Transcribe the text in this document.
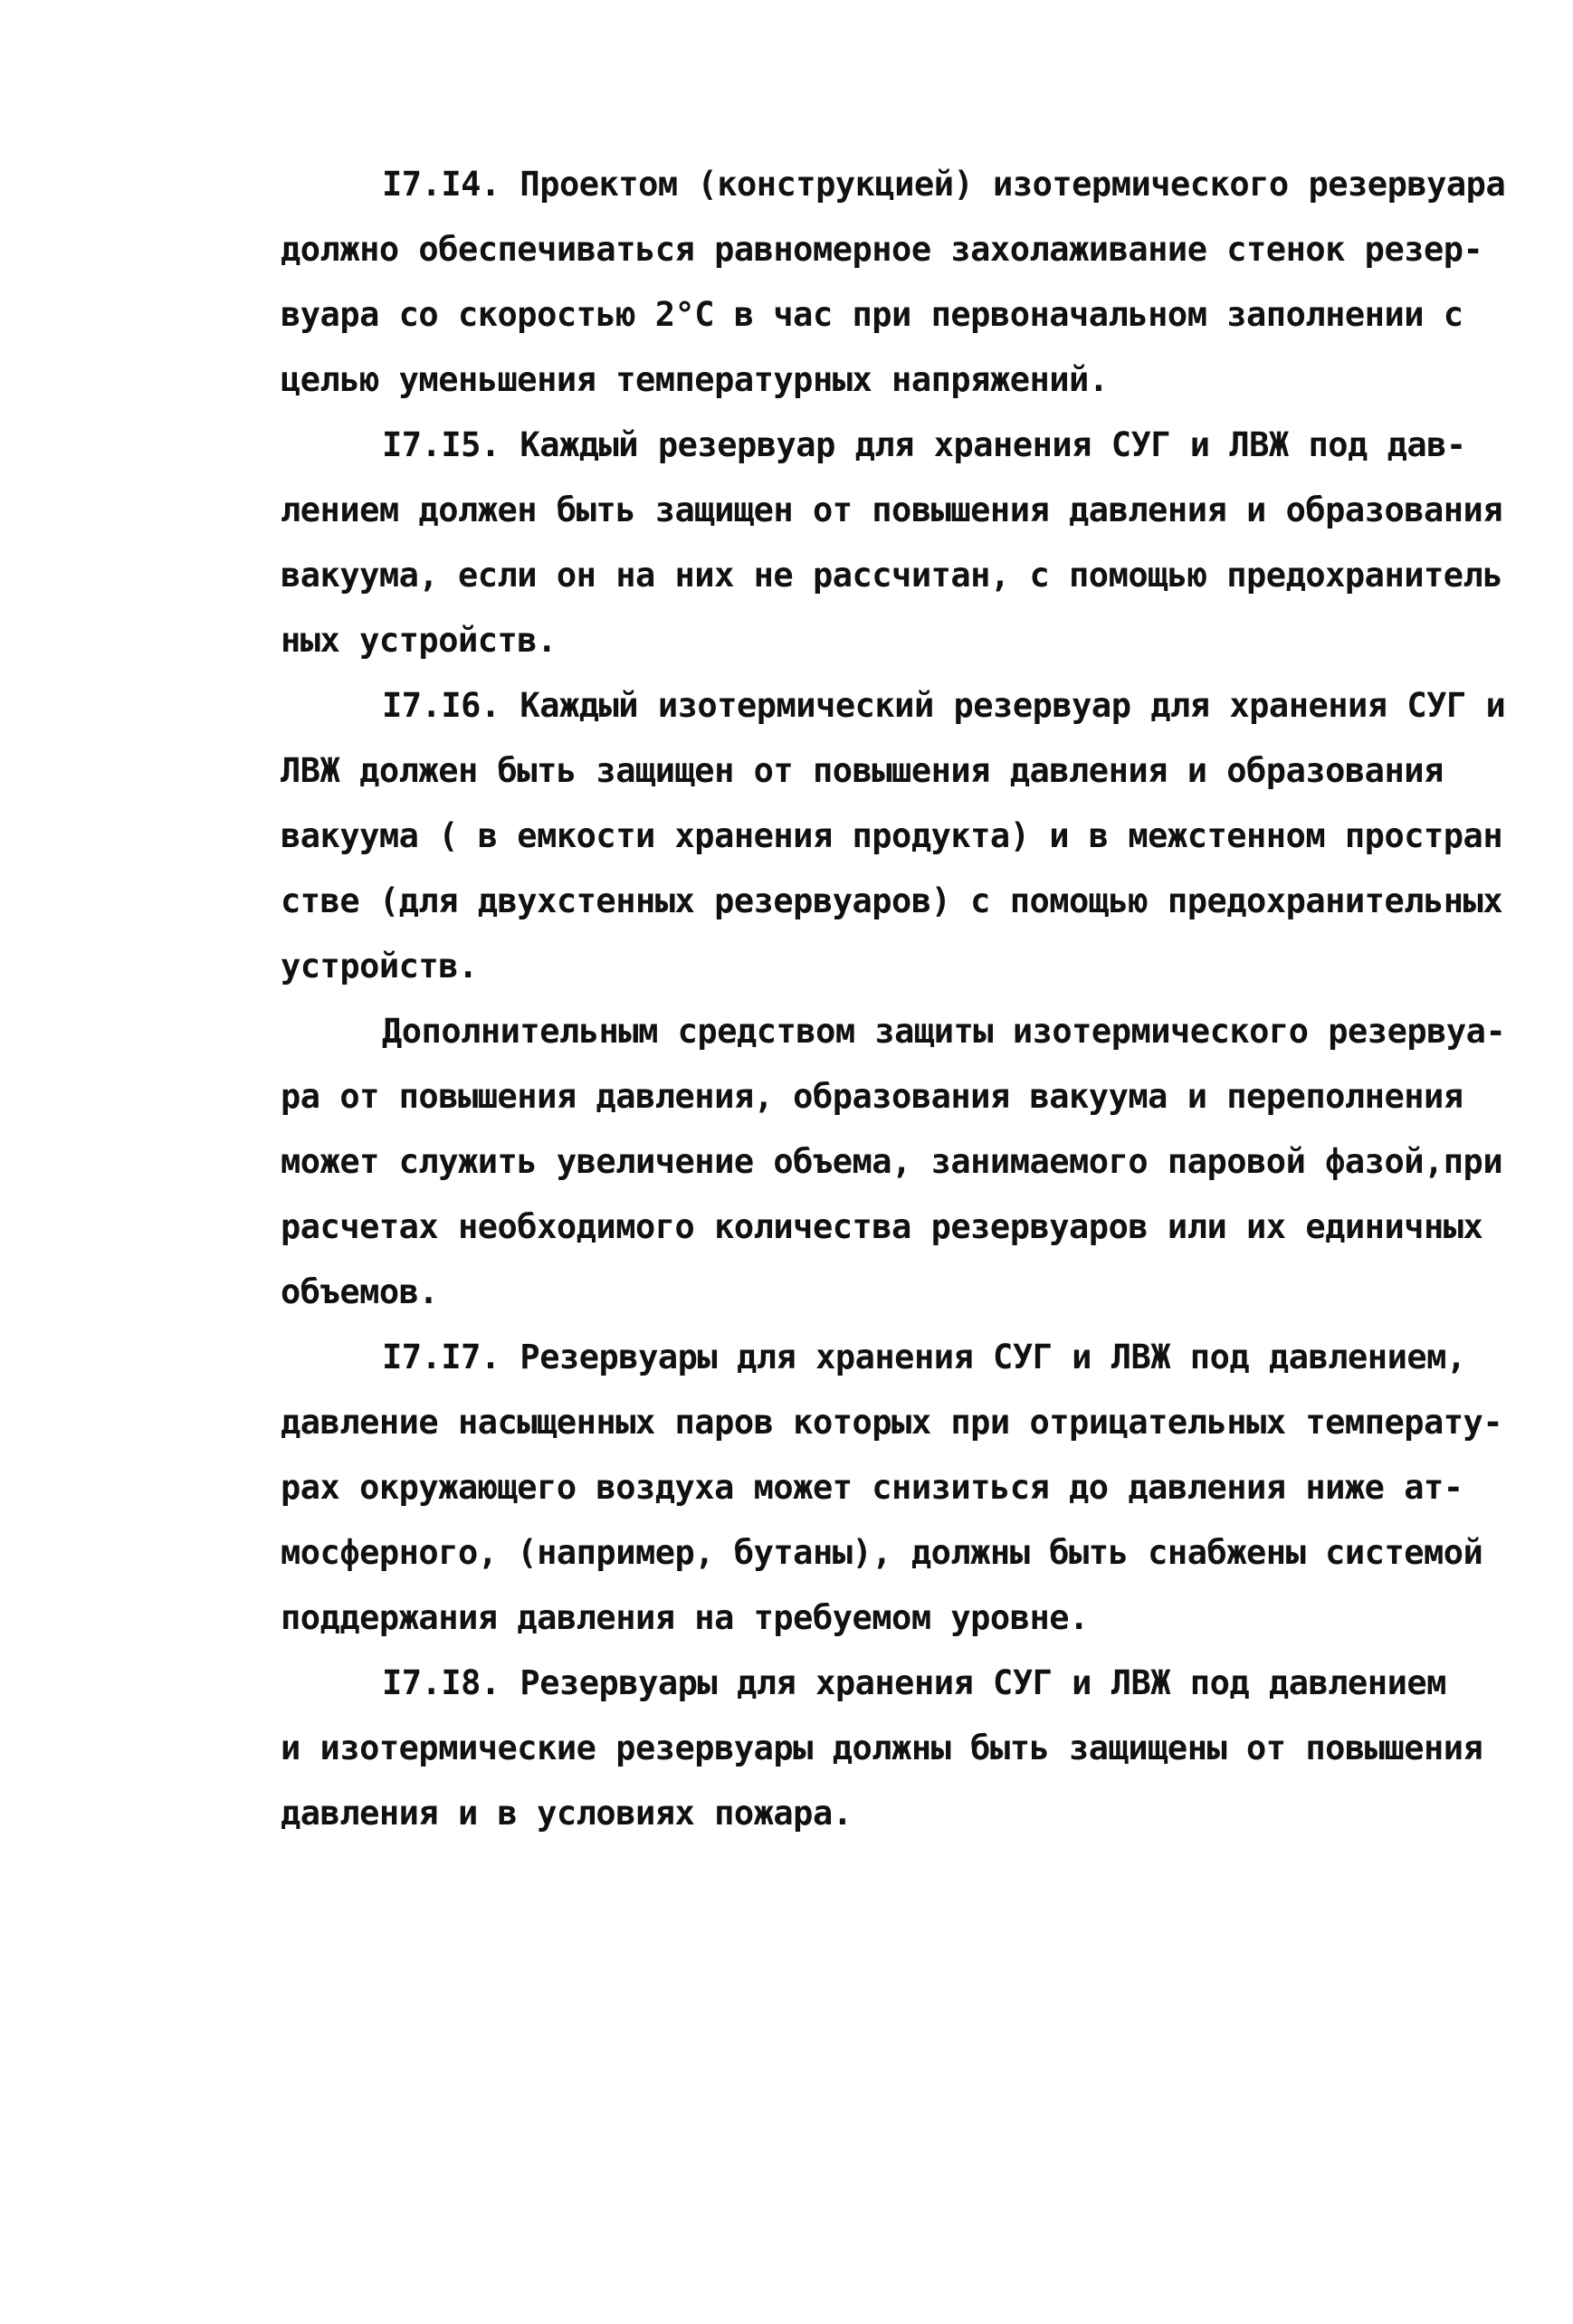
I7.I4. Проектом (конструкцией) изотермического резервуара
должно обеспечиваться равномерное захолаживание стенок резер-
вуара со скоростью 2°С в час при первоначальном заполнении с
целью уменьшения температурных напряжений.
I7.I5. Каждый резервуар для хранения СУГ и ЛВЖ под дав-
лением должен быть защищен от повышения давления и образования
вакуума, если он на них не рассчитан, с помощью предохранитель
ных устройств.
I7.I6. Каждый изотермический резервуар для хранения СУГ и
ЛВЖ должен быть защищен от повышения давления и образования
вакуума ( в емкости хранения продукта) и в межстенном простран
стве (для двухстенных резервуаров) с помощью предохранительных
устройств.
Дополнительным средством защиты изотермического резервуа-
ра от повышения давления, образования вакуума и переполнения
может служить увеличение объема, занимаемого паровой фазой,при
расчетах необходимого количества резервуаров или их единичных
объемов.
I7.I7. Резервуары для хранения СУГ и ЛВЖ под давлением,
давление насыщенных паров которых при отрицательных температу-
рах окружающего воздуха может снизиться до давления ниже ат-
мосферного, (например, бутаны), должны быть снабжены системой
поддержания давления на требуемом уровне.
I7.I8. Резервуары для хранения СУГ и ЛВЖ под давлением
и изотермические резервуары должны быть защищены от повышения
давления и в условиях пожара.
